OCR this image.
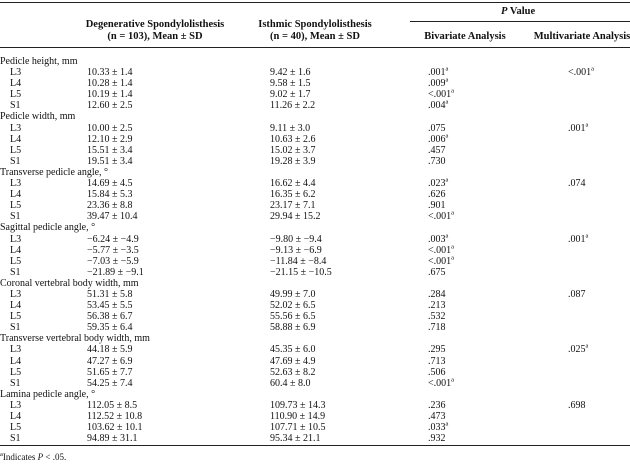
P Value
Degenerative Spondylolisthesis
(n = 103), Mean ± SD
Isthmic Spondylolisthesis
(n = 40), Mean ± SD	Bivariate Analysis	Multivariate Analysis
Pedicle height, mm
L3	10.33 ± 1.4	9.42 ± 1.6	.001$^a$	<.001$^a$
L4	10.28 ± 1.4	9.58 ± 1.5	.009$^a$
L5	10.19 ± 1.4	9.02 ± 1.7	<.001$^a$
S1	12.60 ± 2.5	11.26 ± 2.2	.004$^a$
Pedicle width, mm
L3	10.00 ± 2.5	9.11 ± 3.0	.075	.001$^a$
L4	12.10 ± 2.9	10.63 ± 2.6	.006$^a$
L5	15.51 ± 3.4	15.02 ± 3.7	.457
S1	19.51 ± 3.4	19.28 ± 3.9	.730
Transverse pedicle angle, °
L3	14.69 ± 4.5	16.62 ± 4.4	.023$^a$	.074
L4	15.84 ± 5.3	16.35 ± 6.2	.626
L5	23.36 ± 8.8	23.17 ± 7.1	.901
S1	39.47 ± 10.4	29.94 ± 15.2	<.001$^a$
Sagittal pedicle angle, °
L3	−6.24 ± −4.9	−9.80 ± −9.4	.003$^a$	.001$^a$
L4	−5.77 ± −3.5	−9.13 ± −6.9	<.001$^a$
L5	−7.03 ± −5.9	−11.84 ± −8.4	<.001$^a$
S1	−21.89 ± −9.1	−21.15 ± −10.5	.675
Coronal vertebral body width, mm
L3	51.31 ± 5.8	49.99 ± 7.0	.284	.087
L4	53.45 ± 5.5	52.02 ± 6.5	.213
L5	56.38 ± 6.7	55.56 ± 6.5	.532
S1	59.35 ± 6.4	58.88 ± 6.9	.718
Transverse vertebral body width, mm
L3	44.18 ± 5.9	45.35 ± 6.0	.295	.025$^a$
L4	47.27 ± 6.9	47.69 ± 4.9	.713
L5	51.65 ± 7.7	52.63 ± 8.2	.506
S1	54.25 ± 7.4	60.4 ± 8.0	<.001$^a$
Lamina pedicle angle, °
L3	112.05 ± 8.5	109.73 ± 14.3	.236	.698
L4	112.52 ± 10.8	110.90 ± 14.9	.473
L5	103.62 ± 10.1	107.71 ± 10.5	.033$^a$
S1	94.89 ± 31.1	95.34 ± 21.1	.932
$^a$Indicates P < .05.
